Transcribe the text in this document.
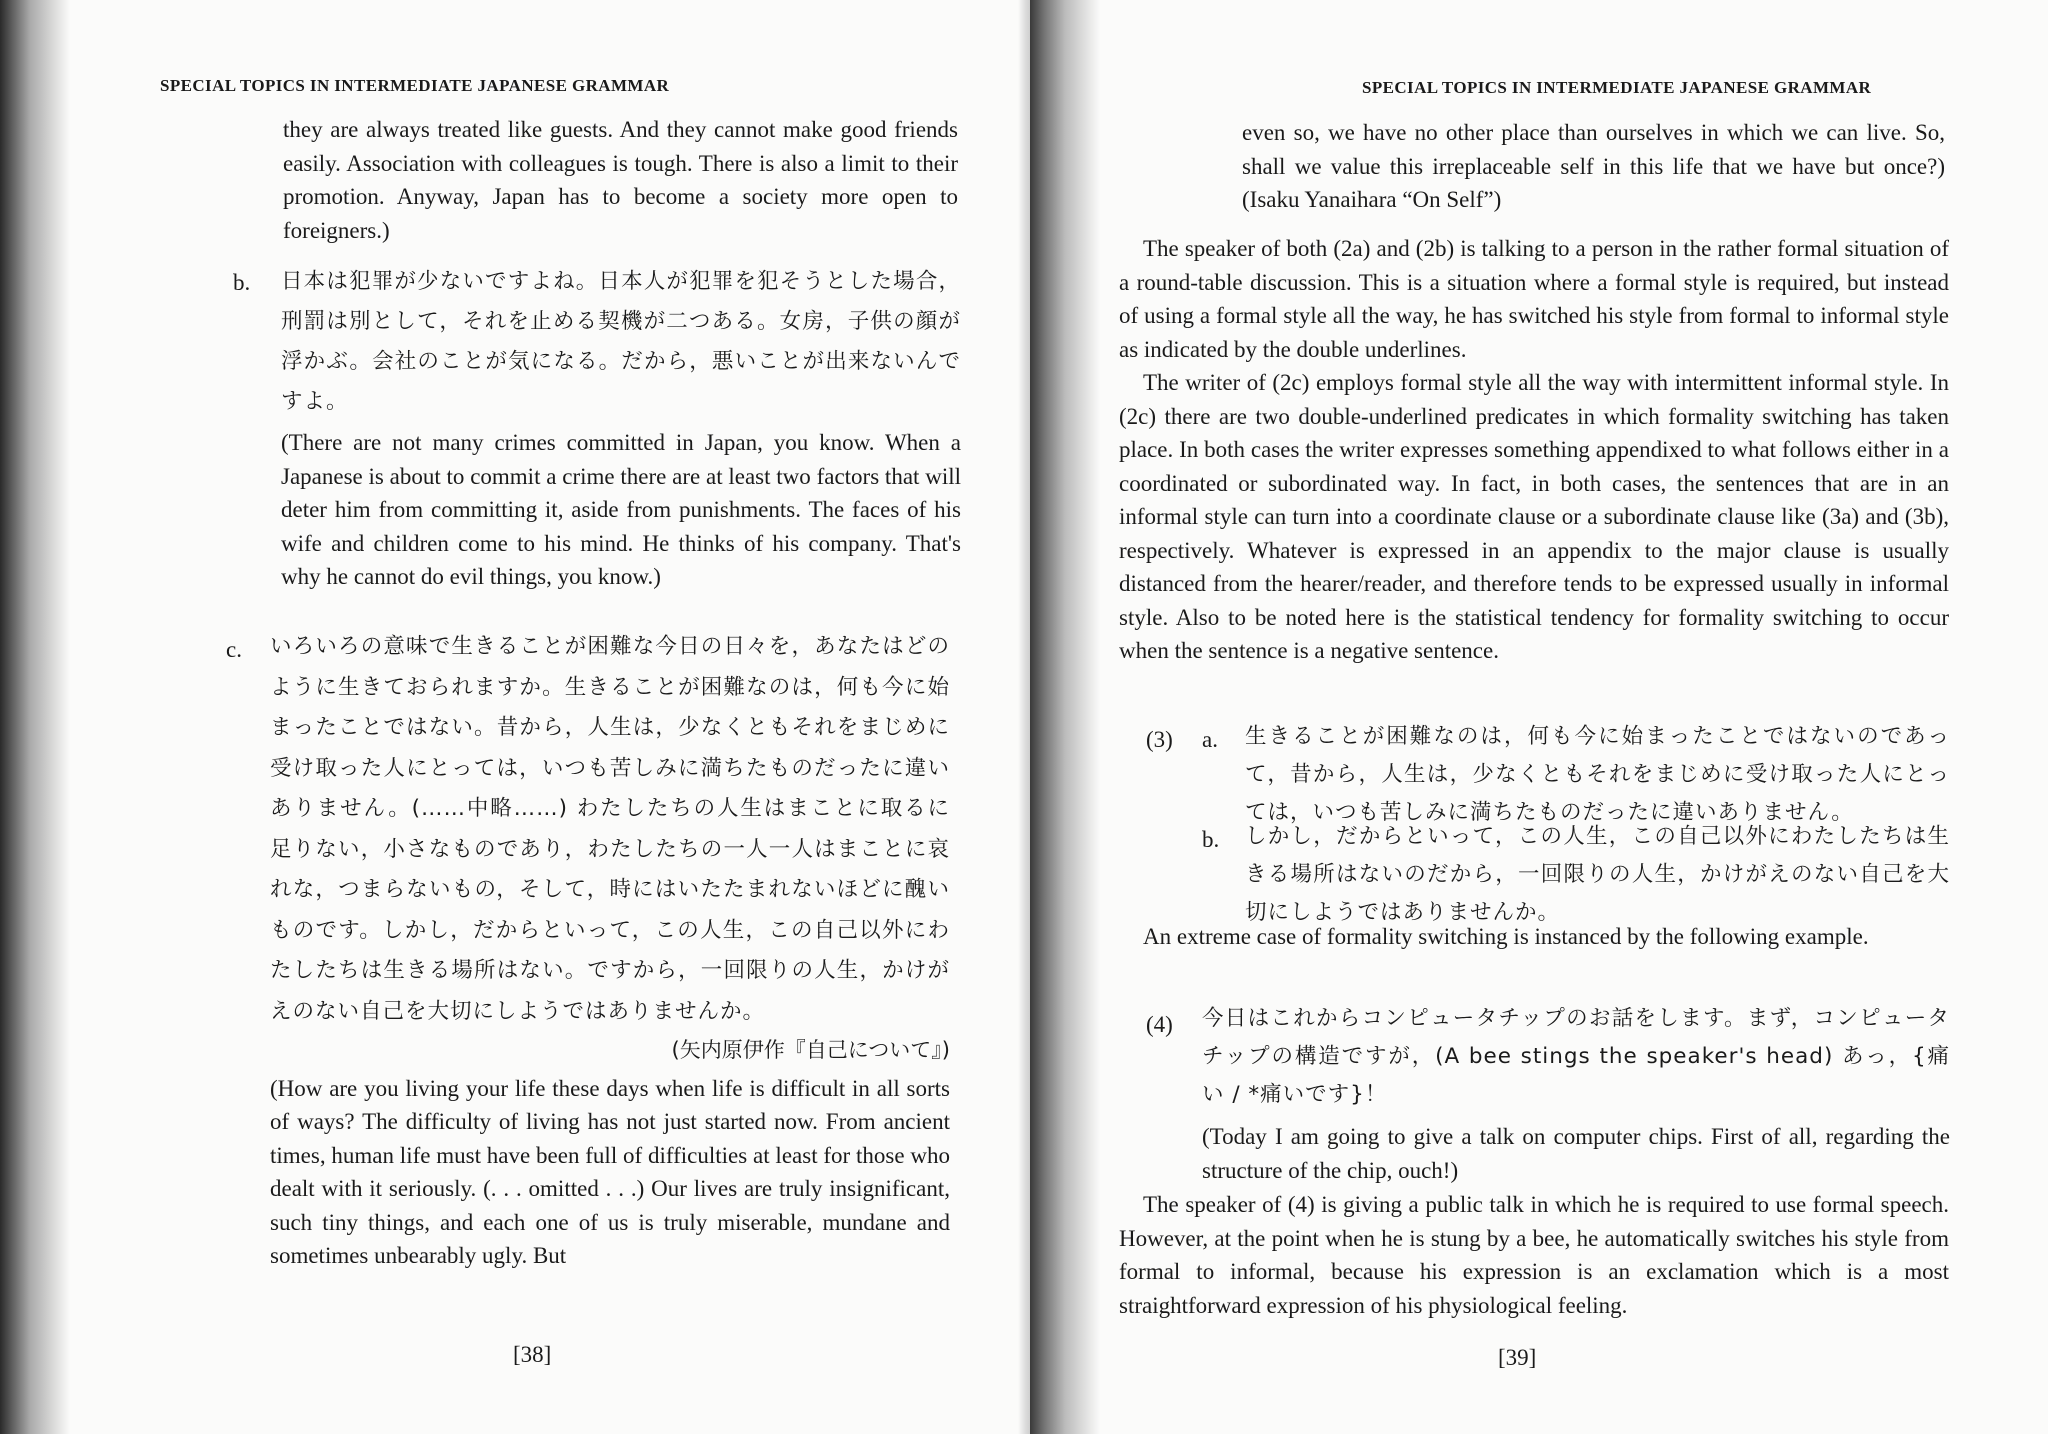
SPECIAL TOPICS IN INTERMEDIATE JAPANESE GRAMMAR

they are always treated like guests. And they cannot make good friends easily. Association with colleagues is tough. There is also a limit to their promotion. Anyway, Japan has to become a society more open to foreigners.)

b. 日本は犯罪が少ないですよね。日本人が犯罪を犯そうとした場合，刑罰は別として，それを止める契機が二つある。女房，子供の顔が浮かぶ。会社のことが気になる。だから，悪いことが出来ないんですよ。

(There are not many crimes committed in Japan, you know. When a Japanese is about to commit a crime there are at least two factors that will deter him from committing it, aside from punishments. The faces of his wife and children come to his mind. He thinks of his company. That's why he cannot do evil things, you know.)

c. いろいろの意味で生きることが困難な今日の日々を，あなたはどのように生きておられますか。生きることが困難なのは，何も今に始まったことではない。昔から，人生は，少なくともそれをまじめに受け取った人にとっては，いつも苦しみに満ちたものだったに違いありません。(……中略……) わたしたちの人生はまことに取るに足りない，小さなものであり，わたしたちの一人一人はまことに哀れな，つまらないもの，そして，時にはいたたまれないほどに醜いものです。しかし，だからといって，この人生，この自己以外にわたしたちは生きる場所はない。ですから，一回限りの人生，かけがえのない自己を大切にしようではありませんか。

(矢内原伊作『自己について』)

(How are you living your life these days when life is difficult in all sorts of ways? The difficulty of living has not just started now. From ancient times, human life must have been full of difficulties at least for those who dealt with it seriously. (. . . omitted . . .) Our lives are truly insignificant, such tiny things, and each one of us is truly miserable, mundane and sometimes unbearably ugly. But

[38]
SPECIAL TOPICS IN INTERMEDIATE JAPANESE GRAMMAR

even so, we have no other place than ourselves in which we can live. So, shall we value this irreplaceable self in this life that we have but once?) (Isaku Yanaihara “On Self”)

The speaker of both (2a) and (2b) is talking to a person in the rather formal situation of a round-table discussion. This is a situation where a formal style is required, but instead of using a formal style all the way, he has switched his style from formal to informal style as indicated by the double underlines.

The writer of (2c) employs formal style all the way with intermittent informal style. In (2c) there are two double-underlined predicates in which formality switching has taken place. In both cases the writer expresses something appendixed to what follows either in a coordinated or subordinated way. In fact, in both cases, the sentences that are in an informal style can turn into a coordinate clause or a subordinate clause like (3a) and (3b), respectively. Whatever is expressed in an appendix to the major clause is usually distanced from the hearer/reader, and therefore tends to be expressed usually in informal style. Also to be noted here is the statistical tendency for formality switching to occur when the sentence is a negative sentence.

(3) a. 生きることが困難なのは，何も今に始まったことではないのであって，昔から，人生は，少なくともそれをまじめに受け取った人にとっては，いつも苦しみに満ちたものだったに違いありません。

b. しかし，だからといって，この人生，この自己以外にわたしたちは生きる場所はないのだから，一回限りの人生，かけがえのない自己を大切にしようではありませんか。

An extreme case of formality switching is instanced by the following example.

(4) 今日はこれからコンピュータチップのお話をします。まず，コンピュータチップの構造ですが，(A bee stings the speaker's head) あっ，{痛い / *痛いです}！

(Today I am going to give a talk on computer chips. First of all, regarding the structure of the chip, ouch!)

The speaker of (4) is giving a public talk in which he is required to use formal speech. However, at the point when he is stung by a bee, he automatically switches his style from formal to informal, because his expression is an exclamation which is a most straightforward expression of his physiological feeling.

[39]
